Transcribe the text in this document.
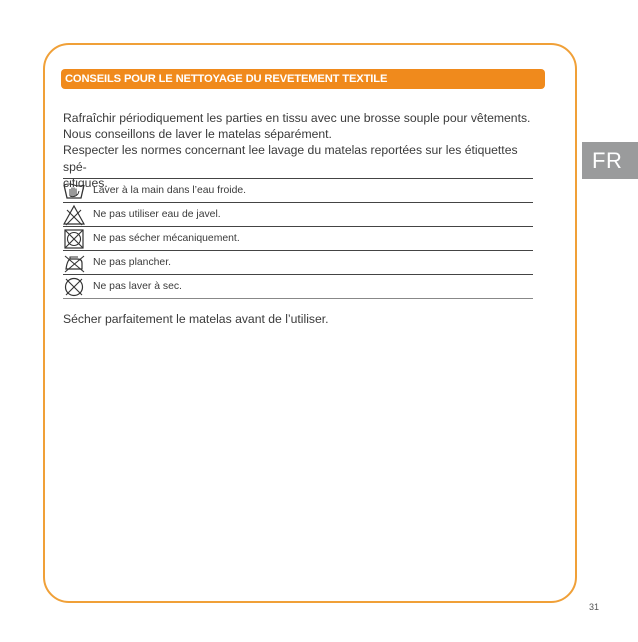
CONSEILS POUR LE NETTOYAGE DU REVETEMENT TEXTILE

Rafraîchir périodiquement les parties en tissu avec une brosse souple pour vêtements.

Nous conseillons de laver le matelas séparément.

Respecter les normes concernant lee lavage du matelas reportées sur les étiquettes spé-
cifiques.

Laver à la main dans l’eau froide.
Ne pas utiliser eau de javel.
Ne pas sécher mécaniquement.
Ne pas plancher.
Ne pas laver à sec.
Sécher parfaitement le matelas avant de l’utiliser.
FR
31
